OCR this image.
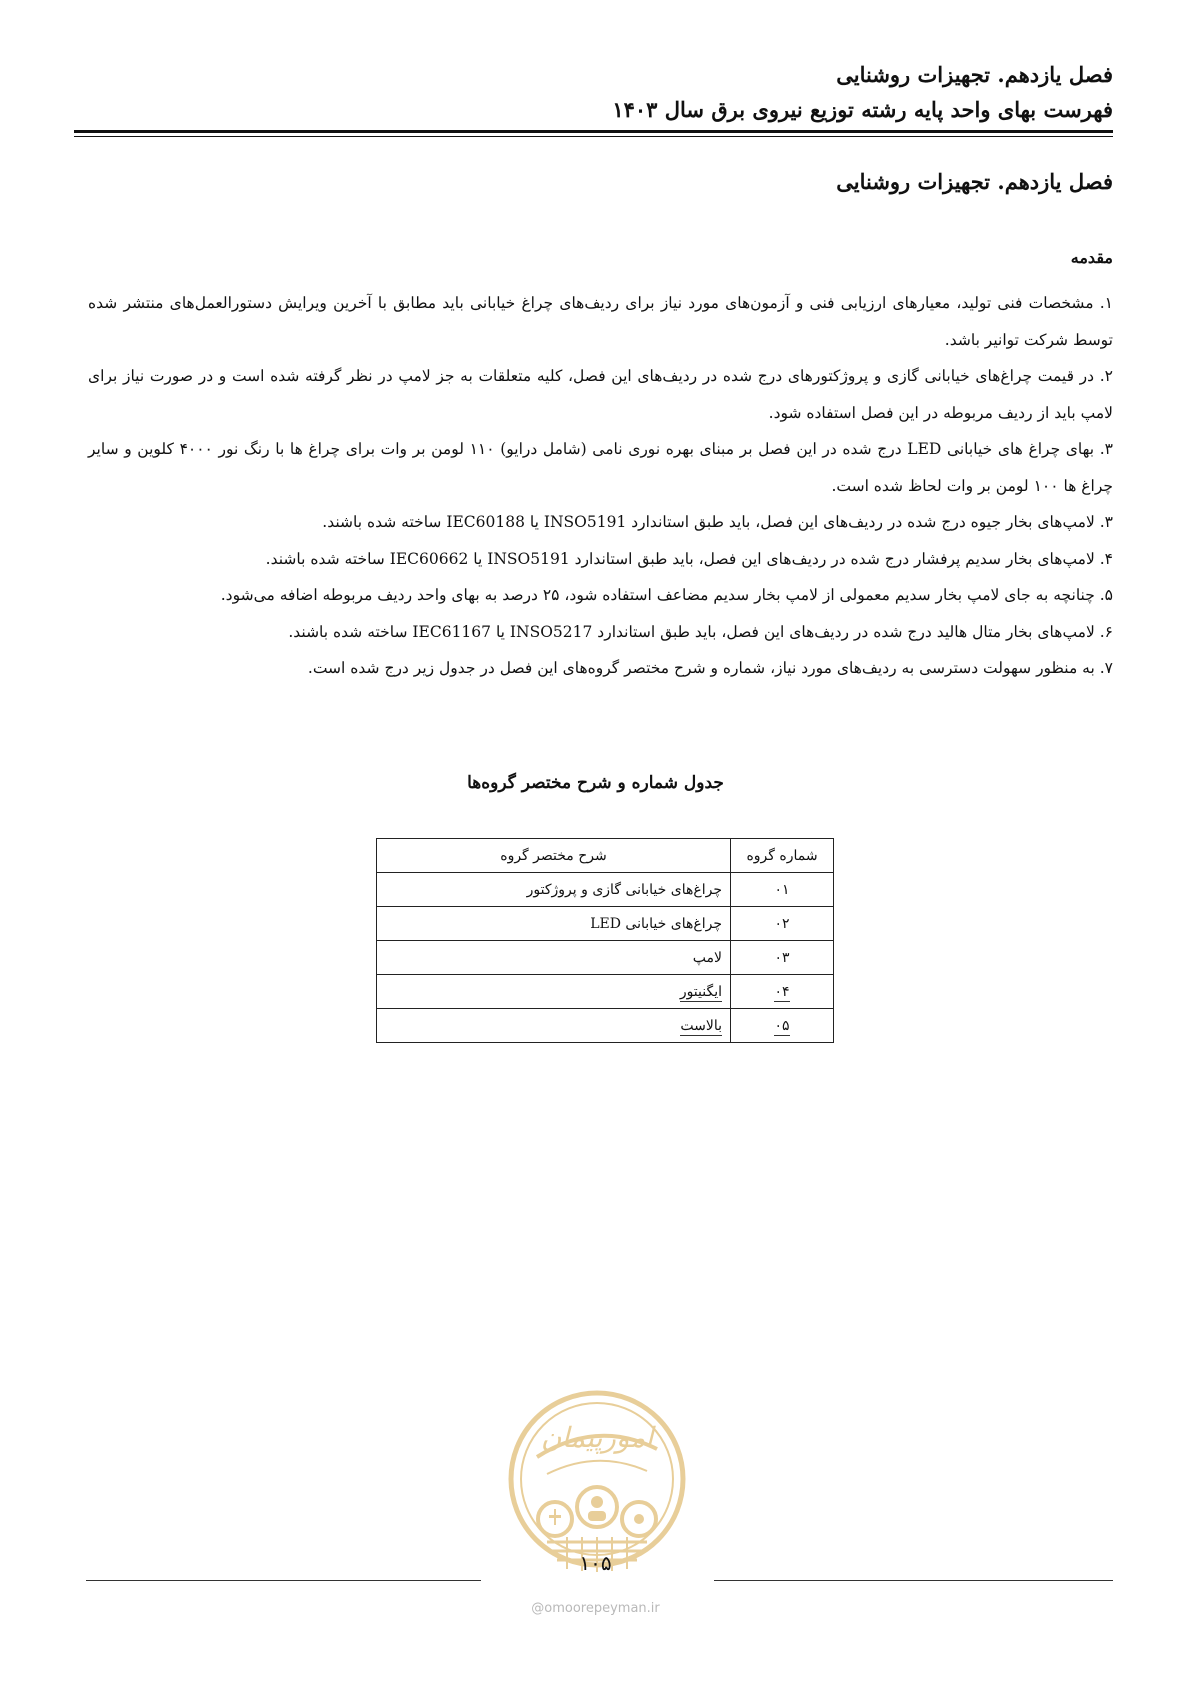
فصل یازدهم. تجهیزات روشنایی
فهرست بهای واحد پایه رشته توزیع نیروی برق سال ۱۴۰۳
فصل یازدهم. تجهیزات روشنایی
مقدمه

۱. مشخصات فنی تولید، معیارهای ارزیابی فنی و آزمون‌های مورد نیاز برای ردیف‌های چراغ خیابانی باید مطابق با آخرین ویرایش دستورالعمل‌های منتشر شده توسط شرکت توانیر باشد.

۲. در قیمت چراغ‌های خیابانی گازی و پروژکتورهای درج شده در ردیف‌های این فصل، کلیه متعلقات به جز لامپ در نظر گرفته شده است و در صورت نیاز برای لامپ باید از ردیف مربوطه در این فصل استفاده شود.

۳. بهای چراغ های خیابانی LED درج شده در این فصل بر مبنای بهره نوری نامی (شامل درایو) ۱۱۰ لومن بر وات برای چراغ ها با رنگ نور ۴۰۰۰ کلوین و سایر چراغ ها ۱۰۰ لومن بر وات لحاظ شده است.

۳. لامپ‌های بخار جیوه درج شده در ردیف‌های این فصل، باید طبق استاندارد INSO5191 یا IEC60188 ساخته شده باشند.

۴. لامپ‌های بخار سدیم پرفشار درج شده در ردیف‌های این فصل، باید طبق استاندارد INSO5191 یا IEC60662 ساخته شده باشند.

۵. چنانچه به جای لامپ بخار سدیم معمولی از لامپ بخار سدیم مضاعف استفاده شود، ۲۵ درصد به بهای واحد ردیف مربوطه اضافه می‌شود.

۶. لامپ‌های بخار متال هالید درج شده در ردیف‌های این فصل، باید طبق استاندارد INSO5217 یا IEC61167 ساخته شده باشند.

۷. به منظور سهولت دسترسی به ردیف‌های مورد نیاز، شماره و شرح مختصر گروه‌های این فصل در جدول زیر درج شده است.

جدول شماره و شرح مختصر گروه‌ها
شماره گروه	شرح مختصر گروه
۰۱	چراغ‌های خیابانی گازی و پروژکتور
۰۲	چراغ‌های خیابانی LED
۰۳	لامپ
۰۴	ایگنیتور
۰۵	بالاست
امورپیمان
۱۰۵
@omoorepeyman.ir
